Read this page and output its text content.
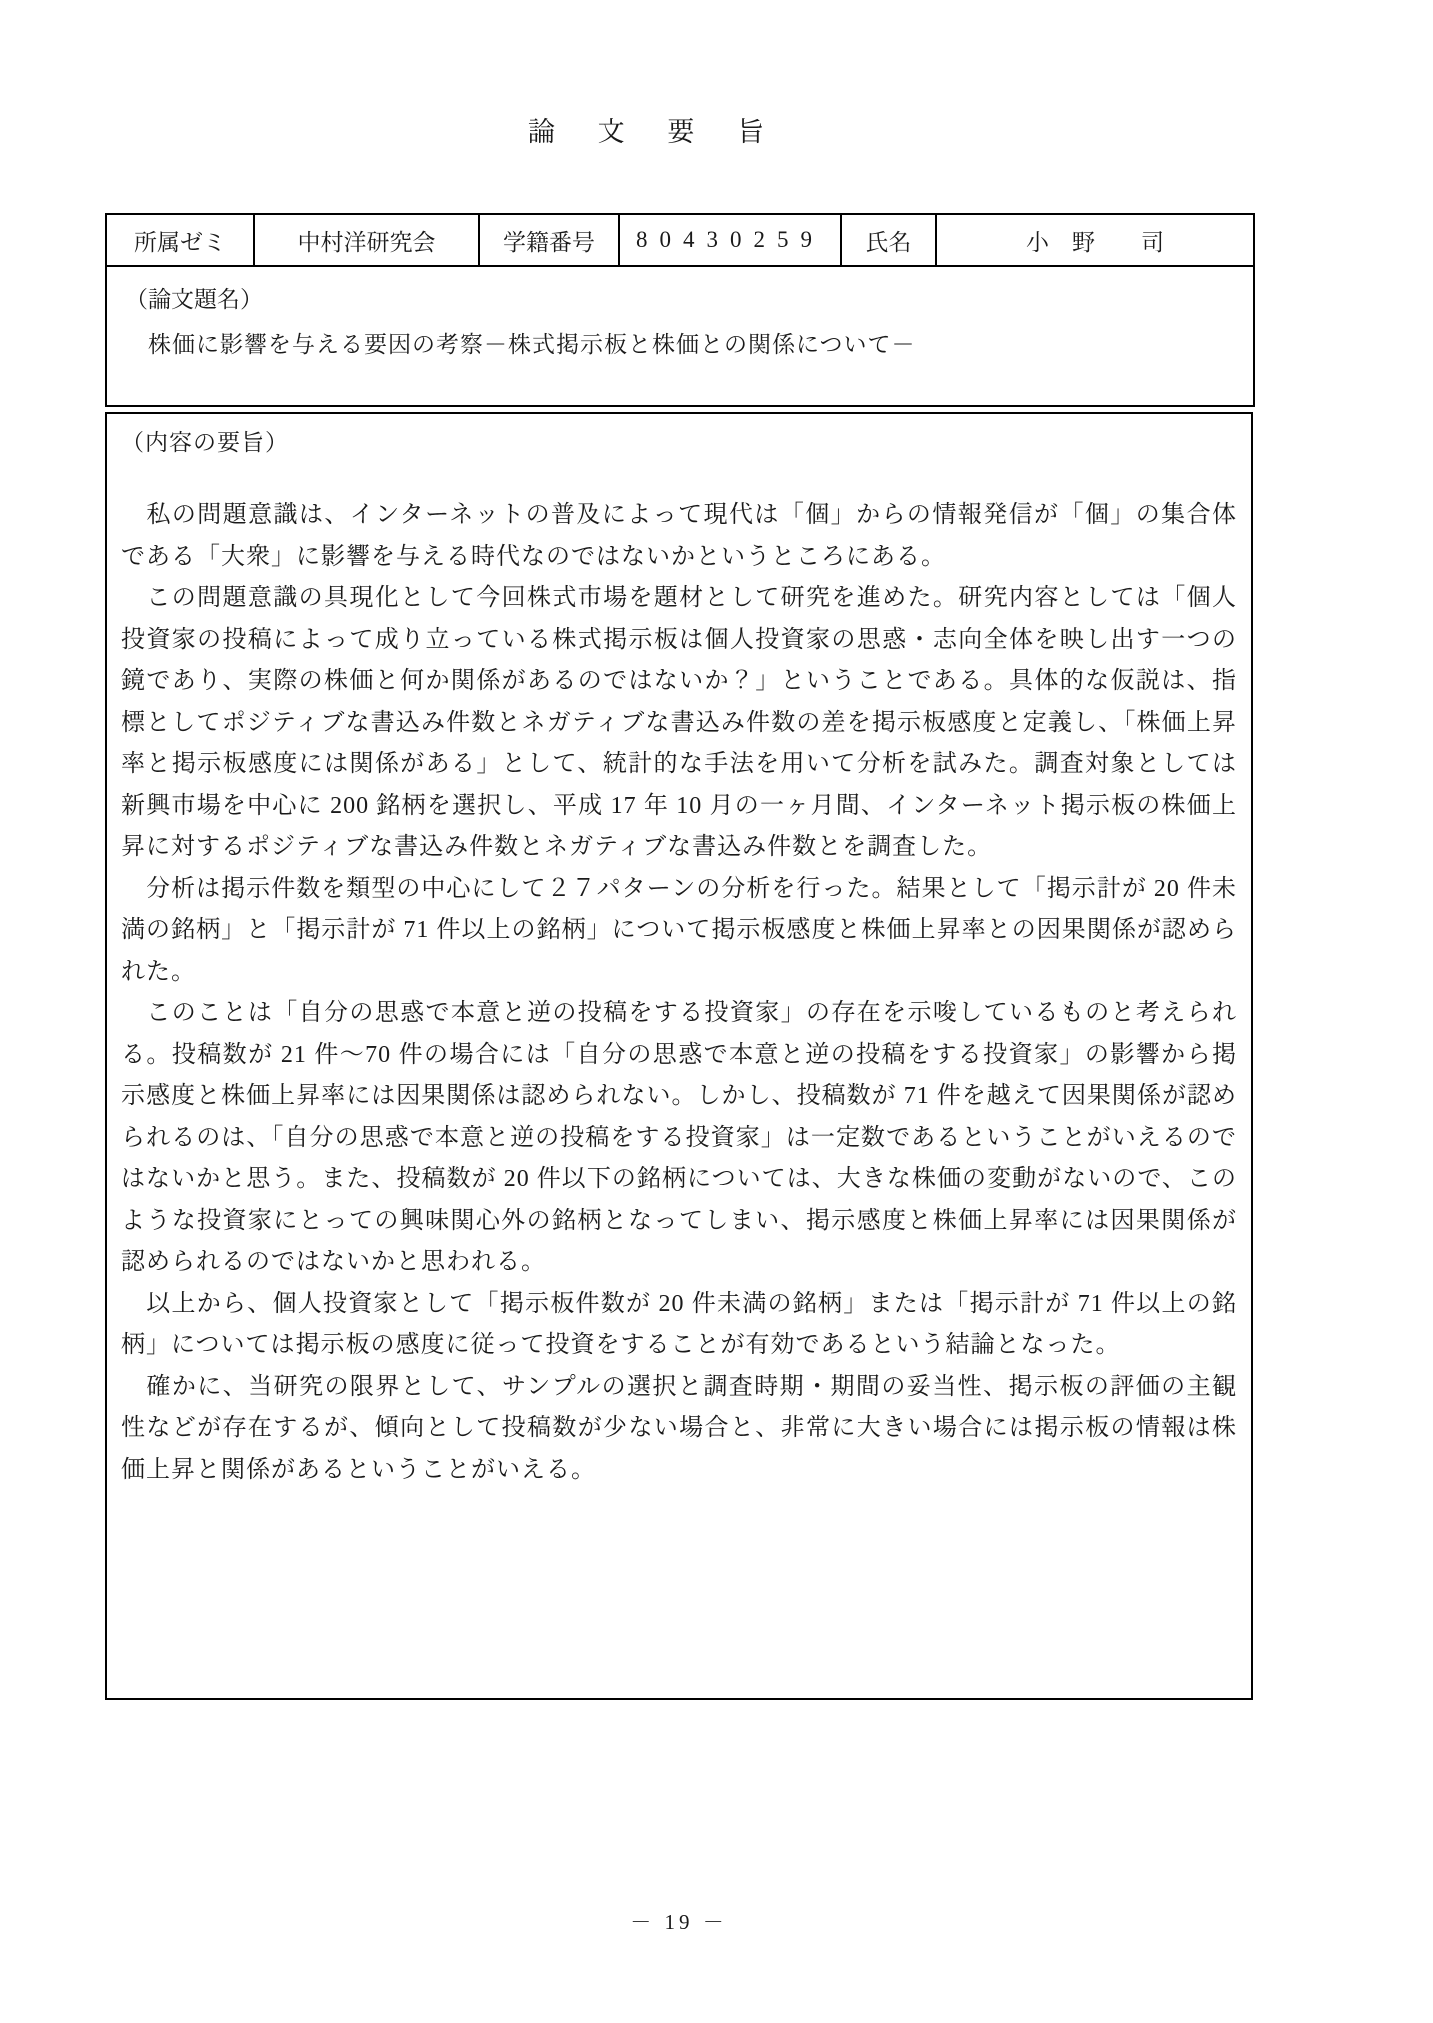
論 文 要 旨
所属ゼミ	中村洋研究会	学籍番号	80430259	氏名	小　野　　司

（論文題名）
株価に影響を与える要因の考察－株式掲示板と株価との関係について－
（内容の要旨）

　私の問題意識は、インターネットの普及によって現代は「個」からの情報発信が「個」の集合体である「大衆」に影響を与える時代なのではないかというところにある。

　この問題意識の具現化として今回株式市場を題材として研究を進めた。研究内容としては「個人投資家の投稿によって成り立っている株式掲示板は個人投資家の思惑・志向全体を映し出す一つの鏡であり、実際の株価と何か関係があるのではないか？」ということである。具体的な仮説は、指標としてポジティブな書込み件数とネガティブな書込み件数の差を掲示板感度と定義し、「株価上昇率と掲示板感度には関係がある」として、統計的な手法を用いて分析を試みた。調査対象としては新興市場を中心に 200 銘柄を選択し、平成 17 年 10 月の一ヶ月間、インターネット掲示板の株価上昇に対するポジティブな書込み件数とネガティブな書込み件数とを調査した。

　分析は掲示件数を類型の中心にして２７パターンの分析を行った。結果として「掲示計が 20 件未満の銘柄」と「掲示計が 71 件以上の銘柄」について掲示板感度と株価上昇率との因果関係が認められた。

　このことは「自分の思惑で本意と逆の投稿をする投資家」の存在を示唆しているものと考えられる。投稿数が 21 件～70 件の場合には「自分の思惑で本意と逆の投稿をする投資家」の影響から掲示感度と株価上昇率には因果関係は認められない。しかし、投稿数が 71 件を越えて因果関係が認められるのは、「自分の思惑で本意と逆の投稿をする投資家」は一定数であるということがいえるのではないかと思う。また、投稿数が 20 件以下の銘柄については、大きな株価の変動がないので、このような投資家にとっての興味関心外の銘柄となってしまい、掲示感度と株価上昇率には因果関係が認められるのではないかと思われる。

　以上から、個人投資家として「掲示板件数が 20 件未満の銘柄」または「掲示計が 71 件以上の銘柄」については掲示板の感度に従って投資をすることが有効であるという結論となった。

　確かに、当研究の限界として、サンプルの選択と調査時期・期間の妥当性、掲示板の評価の主観性などが存在するが、傾向として投稿数が少ない場合と、非常に大きい場合には掲示板の情報は株価上昇と関係があるということがいえる。

－ 19 －
